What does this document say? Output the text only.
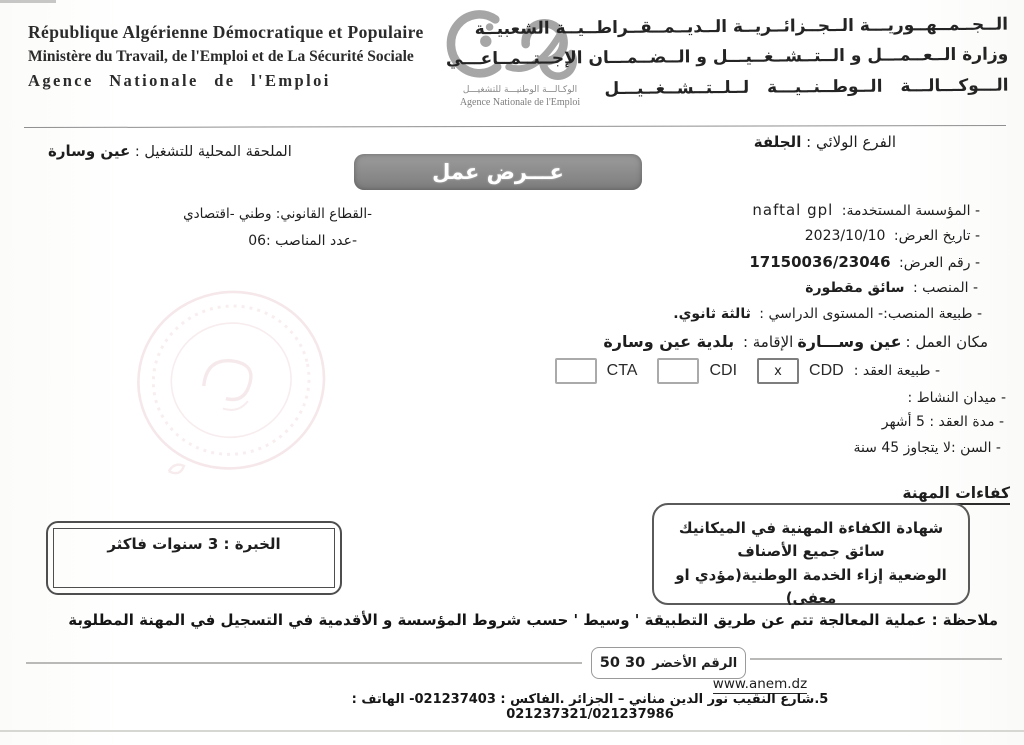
République Algérienne Démocratique et Populaire
Ministère du Travail, de l'Emploi et de La Sécurité Sociale
Agence Nationale de l'Emploi	الوكـالـــة الوطنيـــة للتشغيـــل
Agence Nationale de l'Emploi
الــجــمــهــوريـــة الــجــزائــريــة الــديــمــقــراطــيــة الشعبيــة
وزارة الــعــمـــل و الــتــشــغــيـــل و الــضــمـــان الإجــتــمــاعـــي
الـــوكـــالـــة الــوطــنــيـــة لــلــتــشــغــيـــل
الفرع الولائي : الجلفة
الملحقة المحلية للتشغيل : عين وسارة
عـــرض عمل
-القطاع القانوني: وطني -اقتصادي
-عدد المناصب :06
- المؤسسة المستخدمة: naftal gpl
- تاريخ العرض: 2023/10/10
- رقم العرض: 17150036/23046
- المنصب : سائق مقطورة
- طبيعة المنصب:- المستوى الدراسي : ثالثة ثانوي.
مكان العمل :عين وســـارةالإقامة : بلدية عين وسارة
- طبيعة العقد :
CDD
x
CDI
CTA
- ميدان النشاط :
- مدة العقد : 5 أشهر
- السن :لا يتجاوز 45 سنة
كفاءات المهنة
شهادة الكفاءة المهنية في الميكانيك
سائق جميع الأصناف
الوضعية إزاء الخدمة الوطنية(مؤدي او معفى)
الخبرة : 3 سنوات فاكثر
ملاحظة : عملية المعالجة تتم عن طريق التطبيقة ' وسيط ' حسب شروط المؤسسة و الأقدمية في التسجيل في المهنة المطلوبة
الرقم الأخضر
30 50
www.anem.dz
5.شارع النقيب نور الدين مناني – الجزائر .الفاكس : 021237403- الهاتف : 021237321/021237986
